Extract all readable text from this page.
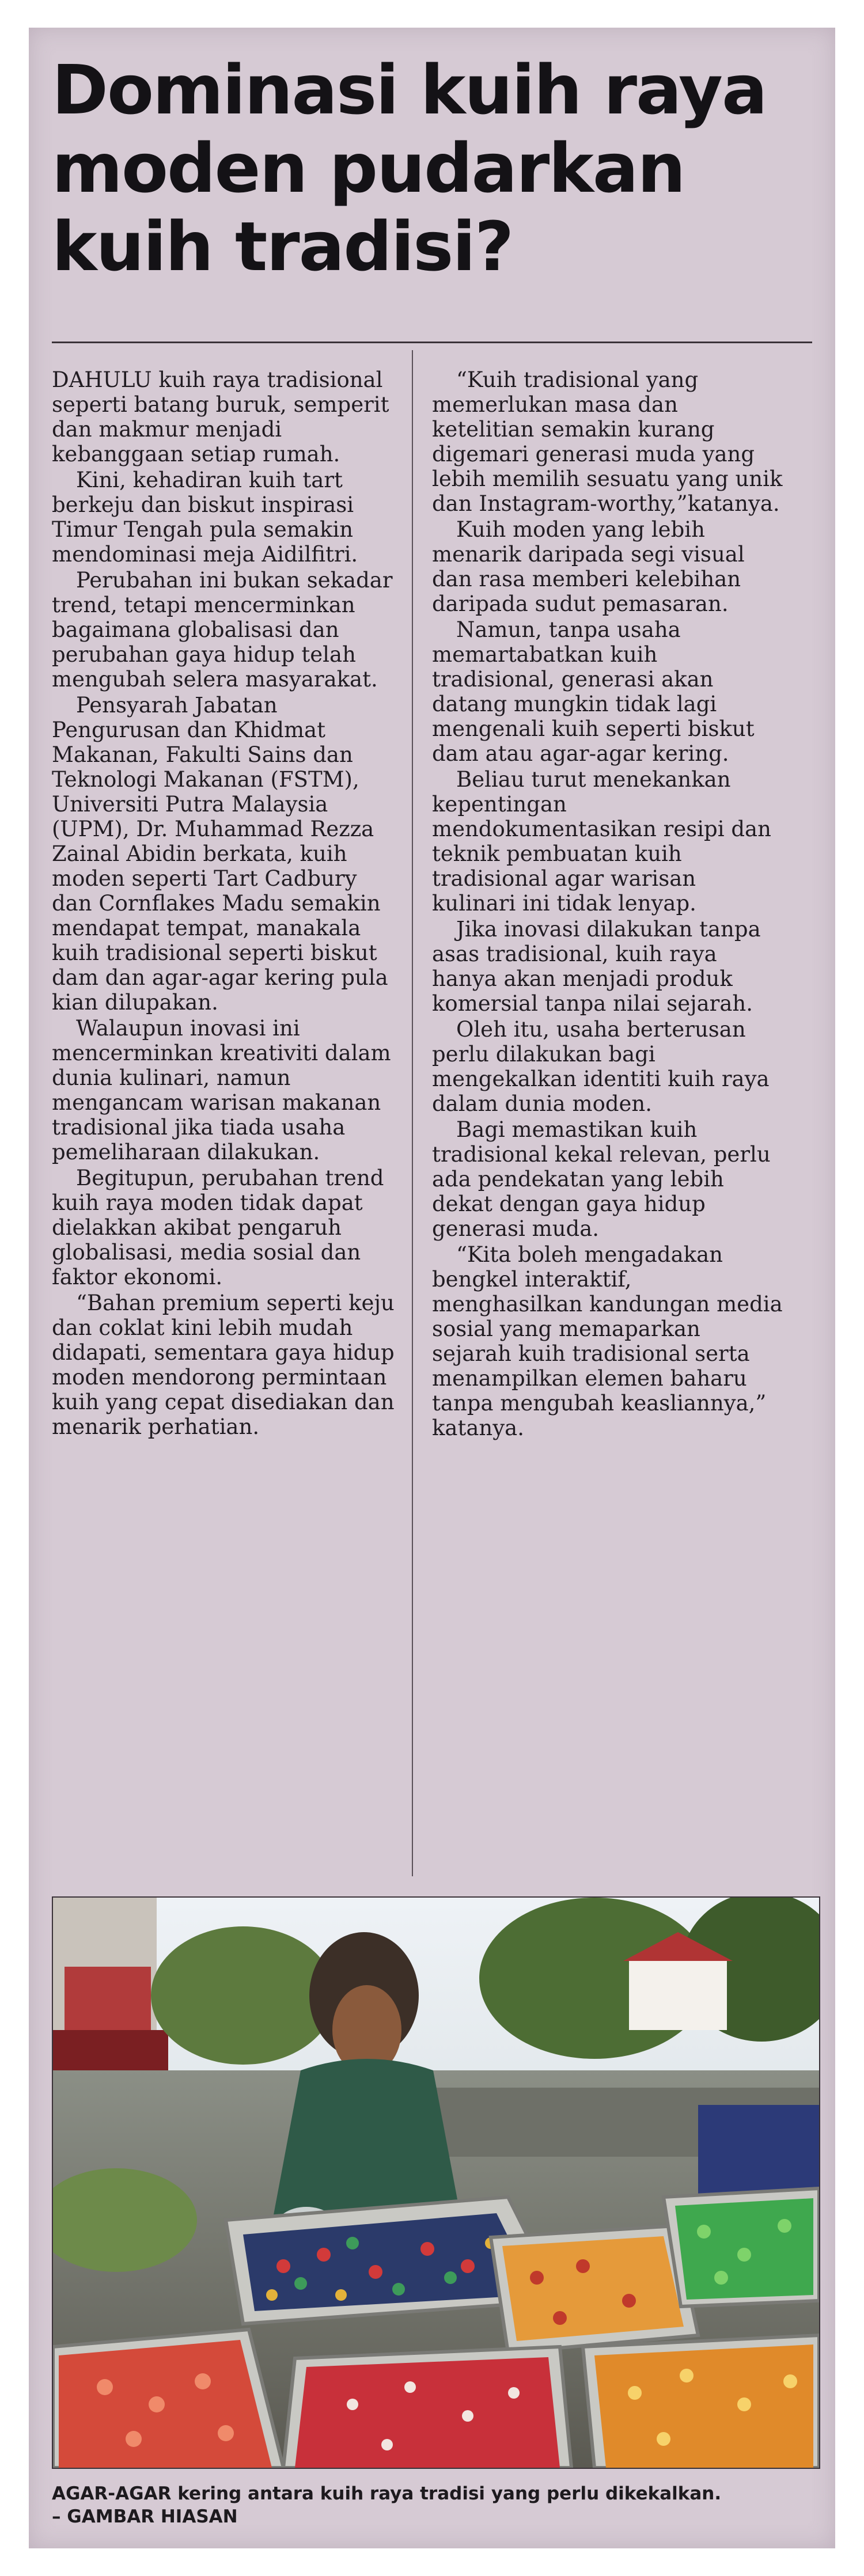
Dominasi kuih raya moden pudarkan kuih tradisi?

DAHULU kuih raya tradisional seperti batang buruk, semperit dan makmur menjadi kebanggaan setiap rumah.

Kini, kehadiran kuih tart berkeju dan biskut inspirasi Timur Tengah pula semakin mendominasi meja Aidilfitri.

Perubahan ini bukan sekadar trend, tetapi mencerminkan bagaimana globalisasi dan perubahan gaya hidup telah mengubah selera masyarakat.

Pensyarah Jabatan Pengurusan dan Khidmat Makanan, Fakulti Sains dan Teknologi Makanan (FSTM), Universiti Putra Malaysia (UPM), Dr. Muhammad Rezza Zainal Abidin berkata, kuih moden seperti Tart Cadbury dan Cornflakes Madu semakin mendapat tempat, manakala kuih tradisional seperti biskut dam dan agar-agar kering pula kian dilupakan.

Walaupun inovasi ini mencerminkan kreativiti dalam dunia kulinari, namun mengancam warisan makanan tradisional jika tiada usaha pemeliharaan dilakukan.

Begitupun, perubahan trend kuih raya moden tidak dapat dielakkan akibat pengaruh globalisasi, media sosial dan faktor ekonomi.

“Bahan premium seperti keju dan coklat kini lebih mudah didapati, sementara gaya hidup moden mendorong permintaan kuih yang cepat disediakan dan menarik perhatian.

“Kuih tradisional yang memerlukan masa dan ketelitian semakin kurang digemari generasi muda yang lebih memilih sesuatu yang unik dan Instagram-worthy,”katanya.

Kuih moden yang lebih menarik daripada segi visual dan rasa memberi kelebihan daripada sudut pemasaran.

Namun, tanpa usaha memartabatkan kuih tradisional, generasi akan datang mungkin tidak lagi mengenali kuih seperti biskut dam atau agar-agar kering.

Beliau turut menekankan kepentingan mendokumentasikan resipi dan teknik pembuatan kuih tradisional agar warisan kulinari ini tidak lenyap.

Jika inovasi dilakukan tanpa asas tradisional, kuih raya hanya akan menjadi produk komersial tanpa nilai sejarah.

Oleh itu, usaha berterusan perlu dilakukan bagi mengekalkan identiti kuih raya dalam dunia moden.

Bagi memastikan kuih tradisional kekal relevan, perlu ada pendekatan yang lebih dekat dengan gaya hidup generasi muda.

“Kita boleh mengadakan bengkel interaktif, menghasilkan kandungan media sosial yang memaparkan sejarah kuih tradisional serta menampilkan elemen baharu tanpa mengubah keasliannya,” katanya.

AGAR-AGAR kering antara kuih raya tradisi yang perlu dikekalkan.
– GAMBAR HIASAN
